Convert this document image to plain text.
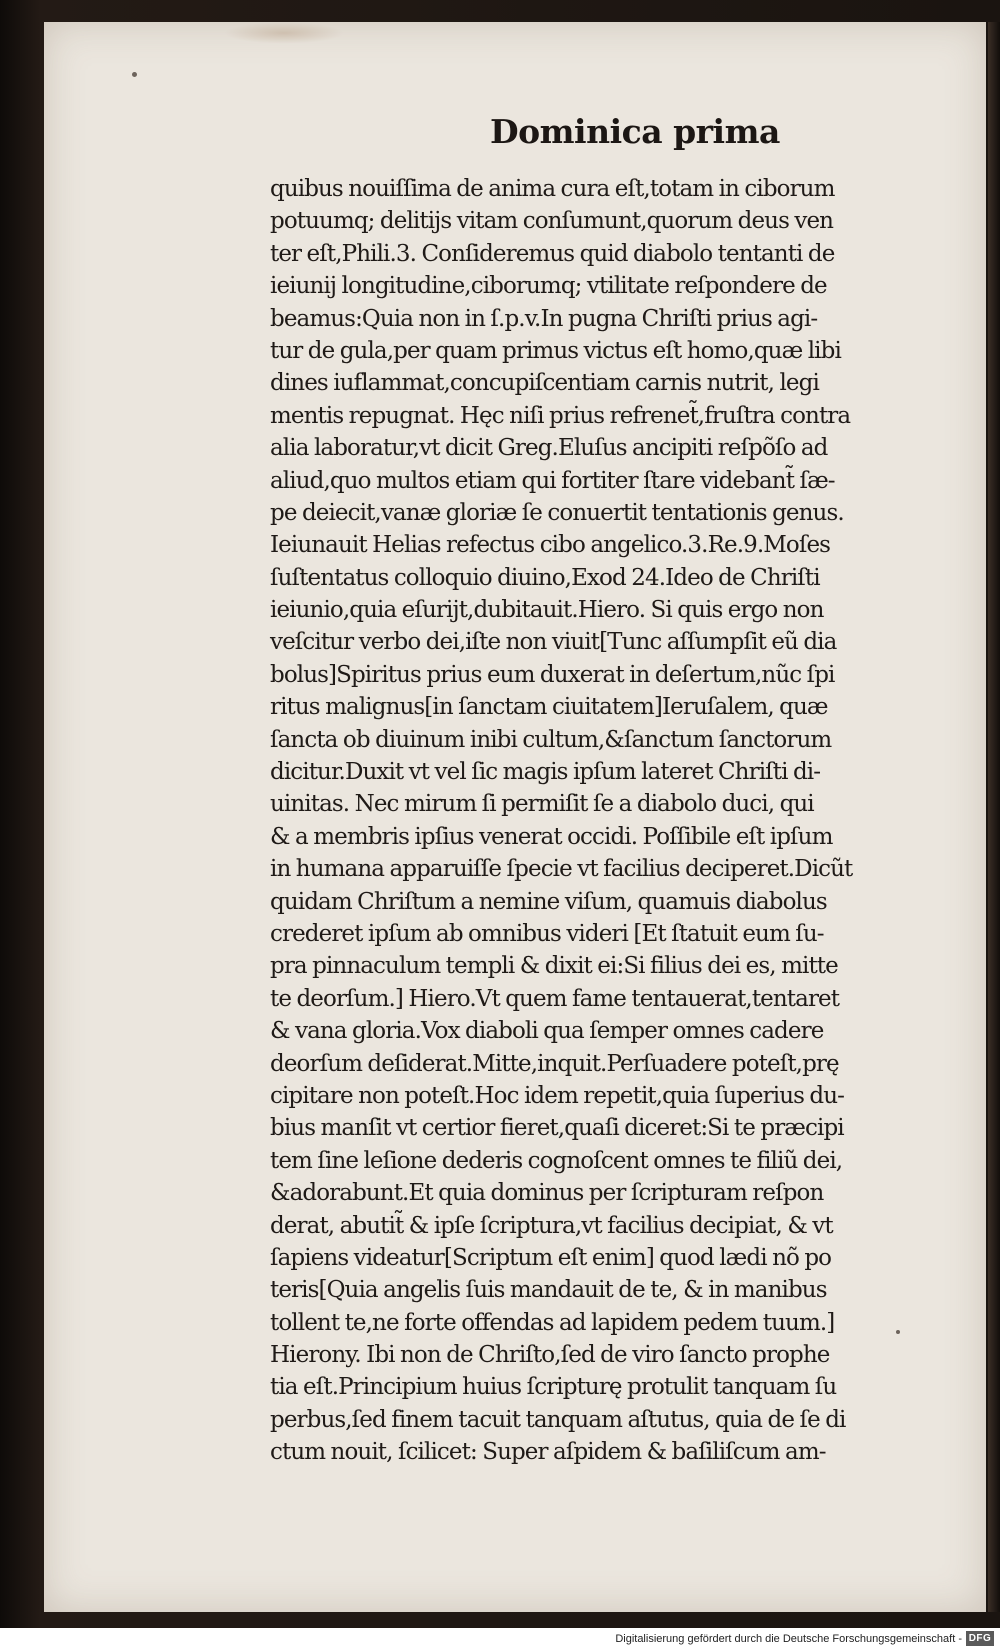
Dominica prima
quibus nouiſſima de anima cura eſt,totam in ciborum
potuumq; delitijs vitam conſumunt,quorum deus ven
ter eſt,Phili.3. Conſideremus quid diabolo tentanti de
ieiunij longitudine,ciborumq; vtilitate reſpondere de
beamus:Quia non in ſ.p.v.In pugna Chriſti prius agi-
tur de gula,per quam primus victus eſt homo,quæ libi
dines iuflammat,concupiſcentiam carnis nutrit, legi
mentis repugnat. Hęc niſi prius refrenet̃,fruſtra contra
alia laboratur,vt dicit Greg.Eluſus ancipiti reſpõſo ad
aliud,quo multos etiam qui fortiter ſtare videbant̃ ſæ-
pe deiecit,vanæ gloriæ ſe conuertit tentationis genus.
Ieiunauit Helias refectus cibo angelico.3.Re.9.Moſes
ſuſtentatus colloquio diuino,Exod 24.Ideo de Chriſti
ieiunio,quia eſurijt,dubitauit.Hiero. Si quis ergo non
veſcitur verbo dei,iſte non viuit[Tunc aſſumpſit eũ dia
bolus]Spiritus prius eum duxerat in deſertum,nũc ſpi
ritus malignus[in ſanctam ciuitatem]Ieruſalem, quæ
ſancta ob diuinum inibi cultum,&ſanctum ſanctorum
dicitur.Duxit vt vel ſic magis ipſum lateret Chriſti di-
uinitas. Nec mirum ſi permiſit ſe a diabolo duci, qui
& a membris ipſius venerat occidi. Poſſibile eſt ipſum
in humana apparuiſſe ſpecie vt facilius deciperet.Dicũt
quidam Chriſtum a nemine viſum, quamuis diabolus
crederet ipſum ab omnibus videri [Et ſtatuit eum ſu-
pra pinnaculum templi & dixit ei:Si filius dei es, mitte
te deorſum.] Hiero.Vt quem fame tentauerat,tentaret
& vana gloria.Vox diaboli qua ſemper omnes cadere
deorſum deſiderat.Mitte,inquit.Perſuadere poteſt,prę
cipitare non poteſt.Hoc idem repetit,quia ſuperius du-
bius manſit vt certior fieret,quaſi diceret:Si te præcipi
tem ſine leſione dederis cognoſcent omnes te filiũ dei,
&adorabunt.Et quia dominus per ſcripturam reſpon
derat, abutit̃ & ipſe ſcriptura,vt facilius decipiat, & vt
ſapiens videatur[Scriptum eſt enim] quod lædi nõ po
teris[Quia angelis ſuis mandauit de te, & in manibus
tollent te,ne forte offendas ad lapidem pedem tuum.]
Hierony. Ibi non de Chriſto,ſed de viro ſancto prophe
tia eſt.Principium huius ſcripturę protulit tanquam ſu
perbus,ſed finem tacuit tanquam aſtutus, quia de ſe di
ctum nouit, ſcilicet: Super aſpidem & baſiliſcum am-
Digitalisierung gefördert durch die Deutsche Forschungsgemeinschaft - DFG
